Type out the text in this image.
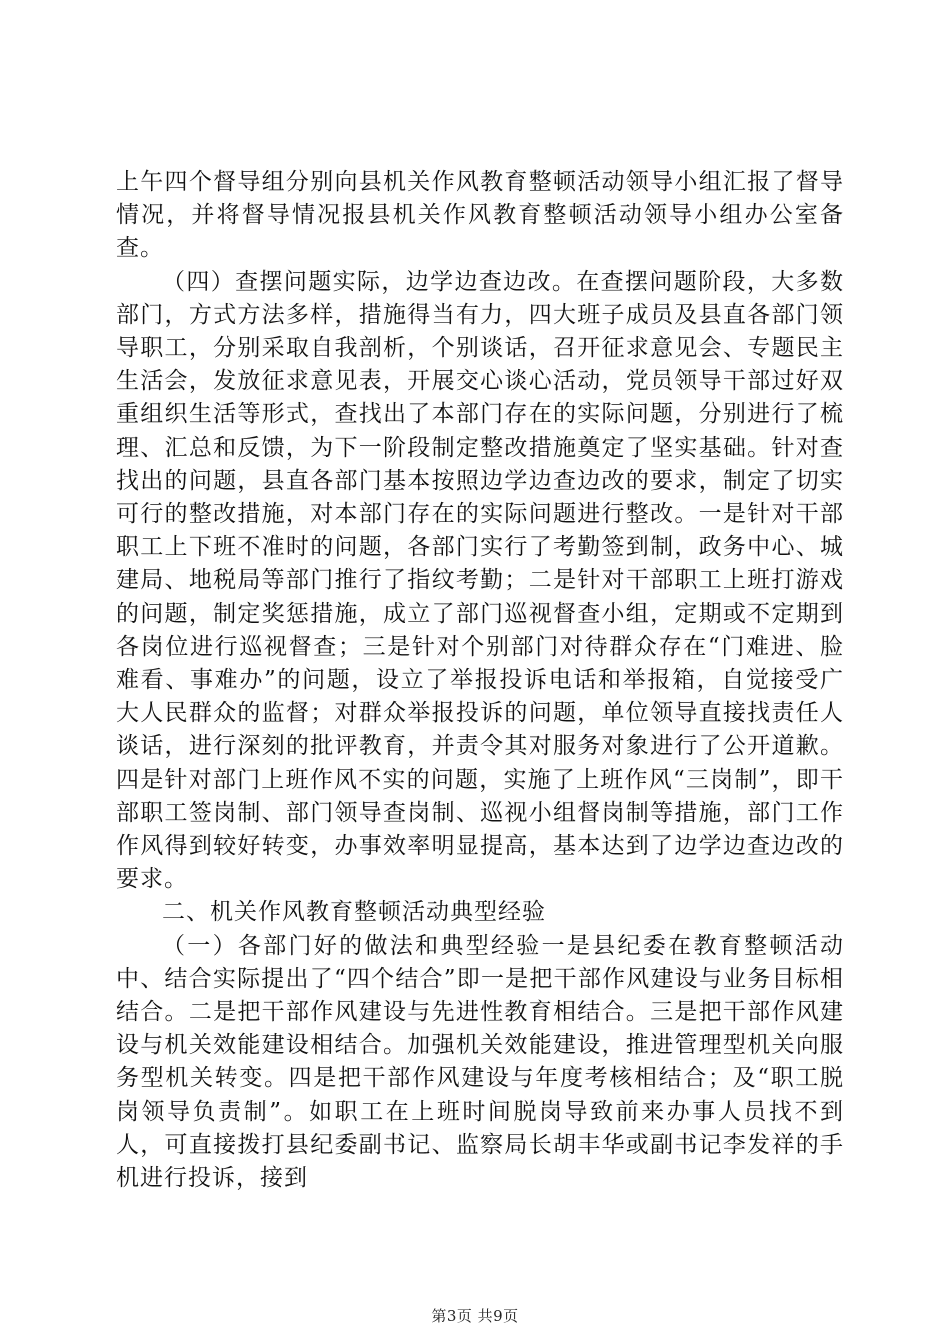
上午四个督导组分别向县机关作风教育整顿活动领导小组汇报了督导情况，并将督导情况报县机关作风教育整顿活动领导小组办公室备查。

（四）查摆问题实际，边学边查边改。在查摆问题阶段，大多数部门，方式方法多样，措施得当有力，四大班子成员及县直各部门领导职工，分别采取自我剖析，个别谈话，召开征求意见会、专题民主生活会，发放征求意见表，开展交心谈心活动，党员领导干部过好双重组织生活等形式，查找出了本部门存在的实际问题，分别进行了梳理、汇总和反馈，为下一阶段制定整改措施奠定了坚实基础。针对查找出的问题，县直各部门基本按照边学边查边改的要求，制定了切实可行的整改措施，对本部门存在的实际问题进行整改。一是针对干部职工上下班不准时的问题，各部门实行了考勤签到制，政务中心、城建局、地税局等部门推行了指纹考勤；二是针对干部职工上班打游戏的问题，制定奖惩措施，成立了部门巡视督查小组，定期或不定期到各岗位进行巡视督查；三是针对个别部门对待群众存在“门难进、脸难看、事难办”的问题，设立了举报投诉电话和举报箱，自觉接受广大人民群众的监督；对群众举报投诉的问题，单位领导直接找责任人谈话，进行深刻的批评教育，并责令其对服务对象进行了公开道歉。四是针对部门上班作风不实的问题，实施了上班作风“三岗制”，即干部职工签岗制、部门领导查岗制、巡视小组督岗制等措施，部门工作作风得到较好转变，办事效率明显提高，基本达到了边学边查边改的要求。

二、机关作风教育整顿活动典型经验

（一）各部门好的做法和典型经验一是县纪委在教育整顿活动中、结合实际提出了“四个结合”即一是把干部作风建设与业务目标相结合。二是把干部作风建设与先进性教育相结合。三是把干部作风建设与机关效能建设相结合。加强机关效能建设，推进管理型机关向服务型机关转变。四是把干部作风建设与年度考核相结合；及“职工脱岗领导负责制”。如职工在上班时间脱岗导致前来办事人员找不到人，可直接拨打县纪委副书记、监察局长胡丰华或副书记李发祥的手机进行投诉，接到

第3页 共9页
